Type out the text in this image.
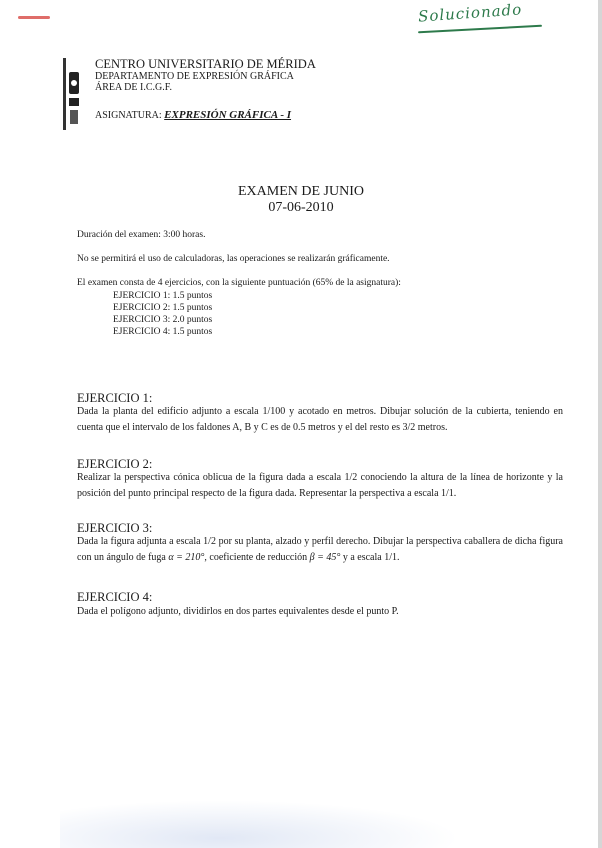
Solucionado
CENTRO UNIVERSITARIO DE MÉRIDA
DEPARTAMENTO DE EXPRESIÓN GRÁFICA
ÁREA DE I.C.G.F.
ASIGNATURA: EXPRESIÓN GRÁFICA - I
EXAMEN DE JUNIO
07-06-2010
Duración del examen: 3:00 horas.
No se permitirá el uso de calculadoras, las operaciones se realizarán gráficamente.
El examen consta de 4 ejercicios, con la siguiente puntuación (65% de la asignatura):
EJERCICIO 1: 1.5 puntos
EJERCICIO 2: 1.5 puntos
EJERCICIO 3: 2.0 puntos
EJERCICIO 4: 1.5 puntos
EJERCICIO 1:
Dada la planta del edificio adjunto a escala 1/100 y acotado en metros. Dibujar solución de la cubierta, teniendo en cuenta que el intervalo de los faldones A, B y C es de 0.5 metros y el del resto es 3/2 metros.
EJERCICIO 2:
Realizar la perspectiva cónica oblicua de la figura dada a escala 1/2 conociendo la altura de la línea de horizonte y la posición del punto principal respecto de la figura dada. Representar la perspectiva a escala 1/1.
EJERCICIO 3:
Dada la figura adjunta a escala 1/2 por su planta, alzado y perfil derecho. Dibujar la perspectiva caballera de dicha figura con un ángulo de fuga α = 210°, coeficiente de reducción β = 45° y a escala 1/1.
EJERCICIO 4:
Dada el polígono adjunto, dividirlos en dos partes equivalentes desde el punto P.
